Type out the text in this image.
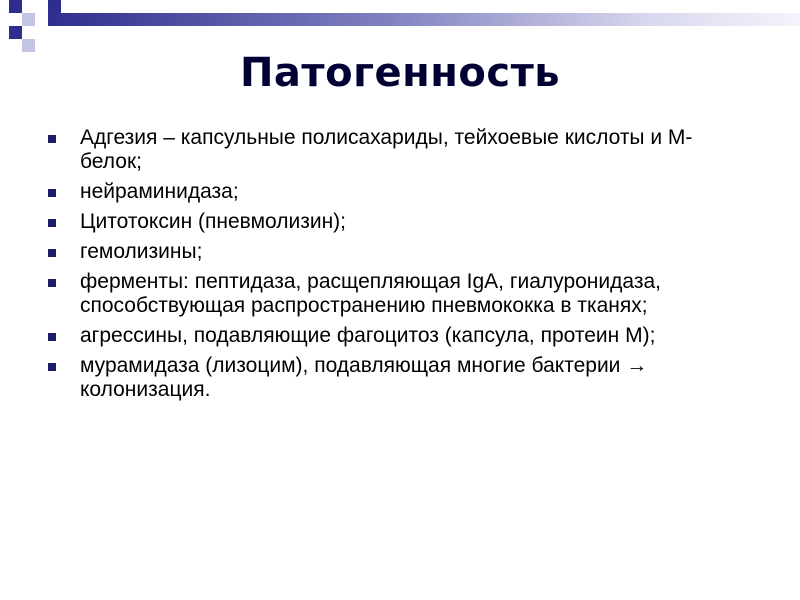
Патогенность
Адгезия – капсульные полисахариды, тейхоевые кислоты и М-белок;
нейраминидаза;
Цитотоксин (пневмолизин);
гемолизины;
ферменты: пептидаза, расщепляющая IgA, гиалуронидаза, способствующая распространению пневмококка в тканях;
агрессины, подавляющие фагоцитоз (капсула, протеин М);
мурамидаза (лизоцим), подавляющая многие бактерии → колонизация.
